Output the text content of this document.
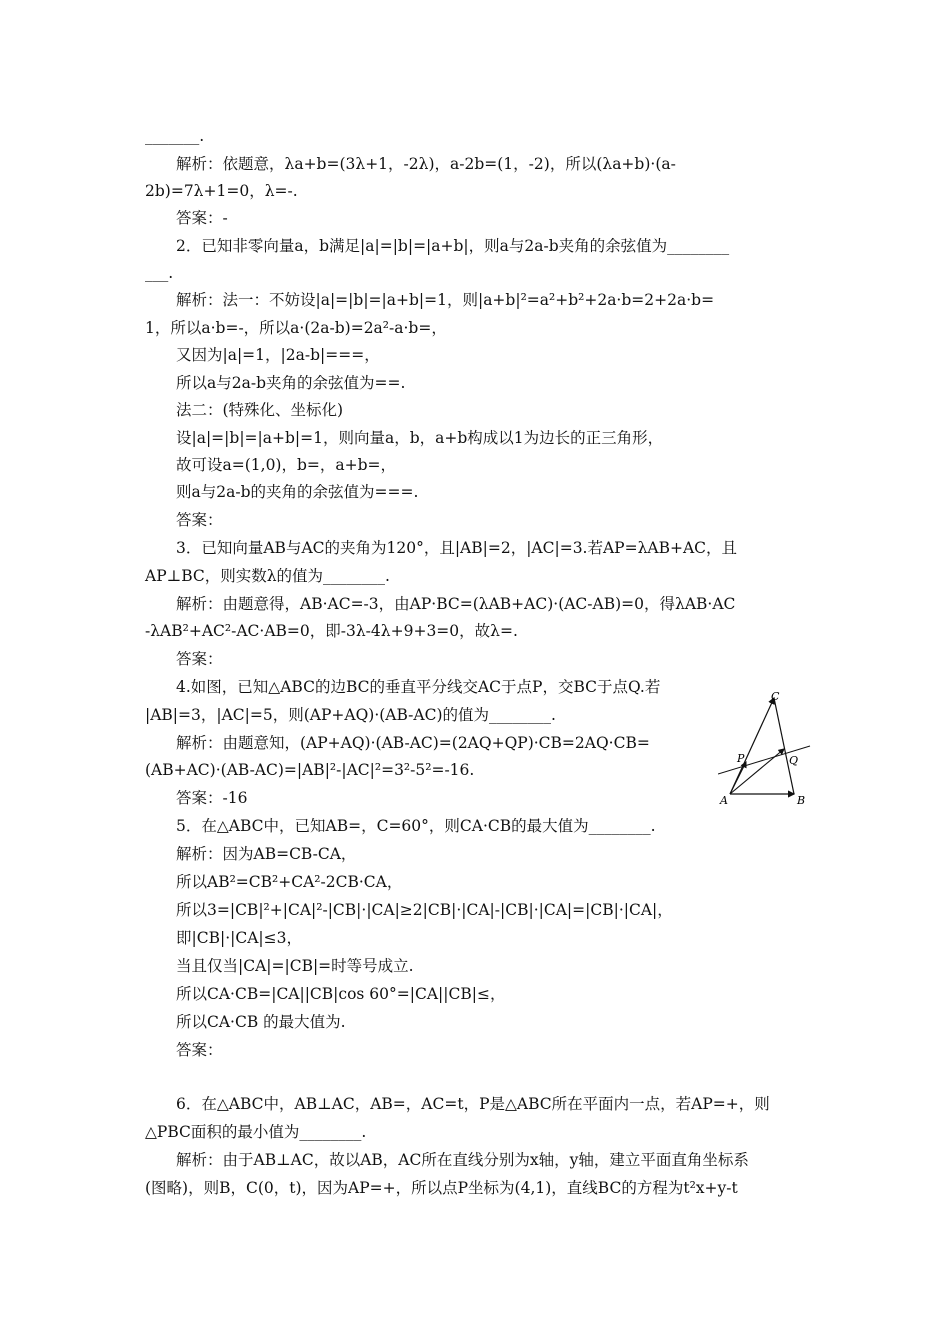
_______.
解析：依题意，λa+b=(3λ+1，-2λ)，a-2b=(1，-2)，所以(λa+b)·(a-
2b)=7λ+1=0，λ=-.
答案：-
2．已知非零向量a，b满足|a|=|b|=|a+b|，则a与2a-b夹角的余弦值为________
___.
解析：法一：不妨设|a|=|b|=|a+b|=1，则|a+b|²=a²+b²+2a·b=2+2a·b=
1，所以a·b=-，所以a·(2a-b)=2a²-a·b=，
又因为|a|=1，|2a-b|===，
所以a与2a-b夹角的余弦值为==.
法二：(特殊化、坐标化)
设|a|=|b|=|a+b|=1，则向量a，b，a+b构成以1为边长的正三角形，
故可设a=(1,0)，b=，a+b=，
则a与2a-b的夹角的余弦值为===.
答案：
3．已知向量AB与AC的夹角为120°，且|AB|=2，|AC|=3.若AP=λAB+AC，且
AP⊥BC，则实数λ的值为________.
解析：由题意得，AB·AC=-3，由AP·BC=(λAB+AC)·(AC-AB)=0，得λAB·AC
-λAB²+AC²-AC·AB=0，即-3λ-4λ+9+3=0，故λ=.
答案：
4.如图，已知△ABC的边BC的垂直平分线交AC于点P，交BC于点Q.若
|AB|=3，|AC|=5，则(AP+AQ)·(AB-AC)的值为________.
解析：由题意知，(AP+AQ)·(AB-AC)=(2AQ+QP)·CB=2AQ·CB=
(AB+AC)·(AB-AC)=|AB|²-|AC|²=3²-5²=-16.
答案：-16
5．在△ABC中，已知AB=，C=60°，则CA·CB的最大值为________.
解析：因为AB=CB-CA，
所以AB²=CB²+CA²-2CB·CA，
所以3=|CB|²+|CA|²-|CB|·|CA|≥2|CB|·|CA|-|CB|·|CA|=|CB|·|CA|，
即|CB|·|CA|≤3，
当且仅当|CA|=|CB|=时等号成立.
所以CA·CB=|CA||CB|cos 60°=|CA||CB|≤，
所以CA·CB 的最大值为.
答案：
6．在△ABC中，AB⊥AC，AB=，AC=t，P是△ABC所在平面内一点，若AP=+，则
△PBC面积的最小值为________.
解析：由于AB⊥AC，故以AB，AC所在直线分别为x轴，y轴，建立平面直角坐标系
(图略)，则B，C(0，t)，因为AP=+，所以点P坐标为(4,1)，直线BC的方程为t²x+y-t
C
P	Q
A	B
